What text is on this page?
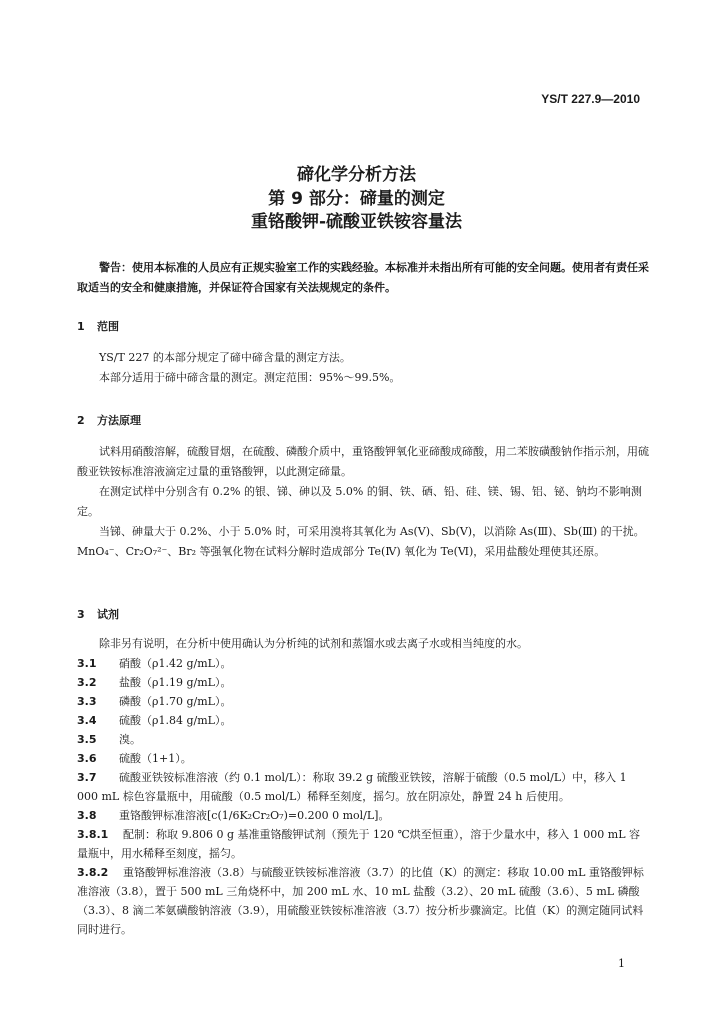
YS/T 227.9—2010
碲化学分析方法
第 9 部分：碲量的测定
重铬酸钾-硫酸亚铁铵容量法
警告：使用本标准的人员应有正规实验室工作的实践经验。本标准并未指出所有可能的安全问题。使用者有责任采取适当的安全和健康措施，并保证符合国家有关法规规定的条件。
1 范围

YS/T 227 的本部分规定了碲中碲含量的测定方法。

本部分适用于碲中碲含量的测定。测定范围：95%～99.5%。

2 方法原理

试料用硝酸溶解，硫酸冒烟，在硫酸、磷酸介质中，重铬酸钾氧化亚碲酸成碲酸，用二苯胺磺酸钠作指示剂，用硫酸亚铁铵标准溶液滴定过量的重铬酸钾，以此测定碲量。

在测定试样中分别含有 0.2% 的银、锑、砷以及 5.0% 的铜、铁、硒、铅、硅、镁、锡、铝、铋、钠均不影响测定。

当锑、砷量大于 0.2%、小于 5.0% 时，可采用溴将其氧化为 As(Ⅴ)、Sb(Ⅴ)，以消除 As(Ⅲ)、Sb(Ⅲ) 的干扰。MnO₄⁻、Cr₂O₇²⁻、Br₂ 等强氧化物在试料分解时造成部分 Te(Ⅳ) 氧化为 Te(Ⅵ)，采用盐酸处理使其还原。

3 试剂

除非另有说明，在分析中使用确认为分析纯的试剂和蒸馏水或去离子水或相当纯度的水。

3.1 硝酸（ρ1.42 g/mL）。

3.2 盐酸（ρ1.19 g/mL）。

3.3 磷酸（ρ1.70 g/mL）。

3.4 硫酸（ρ1.84 g/mL）。

3.5 溴。

3.6 硫酸（1+1）。

3.7 硫酸亚铁铵标准溶液（约 0.1 mol/L）：称取 39.2 g 硫酸亚铁铵，溶解于硫酸（0.5 mol/L）中，移入 1 000 mL 棕色容量瓶中，用硫酸（0.5 mol/L）稀释至刻度，摇匀。放在阴凉处，静置 24 h 后使用。

3.8 重铬酸钾标准溶液[c(1/6K₂Cr₂O₇)=0.200 0 mol/L]。

3.8.1 配制：称取 9.806 0 g 基准重铬酸钾试剂（预先于 120 ℃烘至恒重），溶于少量水中，移入 1 000 mL 容量瓶中，用水稀释至刻度，摇匀。

3.8.2 重铬酸钾标准溶液（3.8）与硫酸亚铁铵标准溶液（3.7）的比值（K）的测定：移取 10.00 mL 重铬酸钾标准溶液（3.8），置于 500 mL 三角烧杯中，加 200 mL 水、10 mL 盐酸（3.2）、20 mL 硫酸（3.6）、5 mL 磷酸（3.3）、8 滴二苯氨磺酸钠溶液（3.9），用硫酸亚铁铵标准溶液（3.7）按分析步骤滴定。比值（K）的测定随同试料同时进行。

1
